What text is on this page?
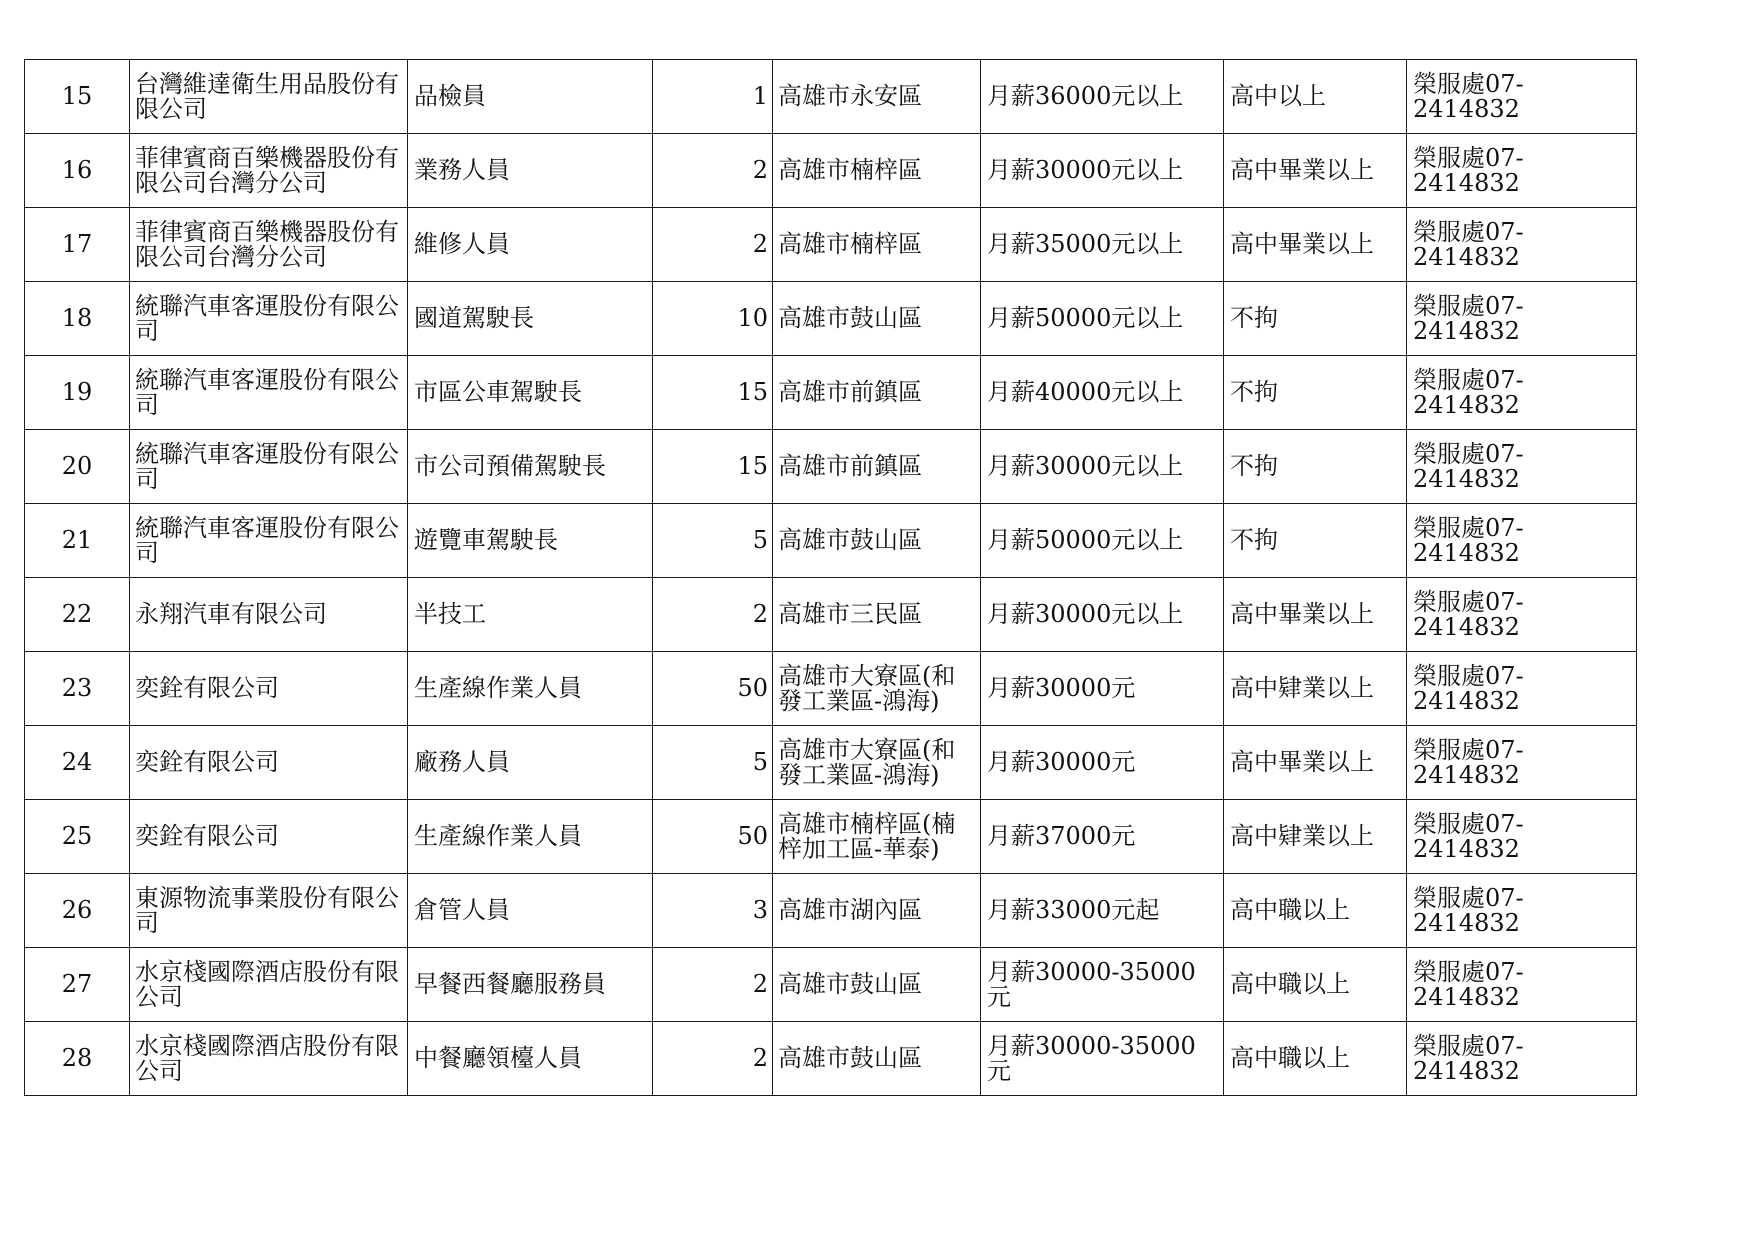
15	台灣維達衛生用品股份有限公司	品檢員	1	高雄市永安區	月薪36000元以上	高中以上	榮服處07-2414832
16	菲律賓商百樂機器股份有限公司台灣分公司	業務人員	2	高雄市楠梓區	月薪30000元以上	高中畢業以上	榮服處07-2414832
17	菲律賓商百樂機器股份有限公司台灣分公司	維修人員	2	高雄市楠梓區	月薪35000元以上	高中畢業以上	榮服處07-2414832
18	統聯汽車客運股份有限公司	國道駕駛長	10	高雄市鼓山區	月薪50000元以上	不拘	榮服處07-2414832
19	統聯汽車客運股份有限公司	市區公車駕駛長	15	高雄市前鎮區	月薪40000元以上	不拘	榮服處07-2414832
20	統聯汽車客運股份有限公司	市公司預備駕駛長	15	高雄市前鎮區	月薪30000元以上	不拘	榮服處07-2414832
21	統聯汽車客運股份有限公司	遊覽車駕駛長	5	高雄市鼓山區	月薪50000元以上	不拘	榮服處07-2414832
22	永翔汽車有限公司	半技工	2	高雄市三民區	月薪30000元以上	高中畢業以上	榮服處07-2414832
23	奕銓有限公司	生產線作業人員	50	高雄市大寮區(和發工業區-鴻海)	月薪30000元	高中肄業以上	榮服處07-2414832
24	奕銓有限公司	廠務人員	5	高雄市大寮區(和發工業區-鴻海)	月薪30000元	高中畢業以上	榮服處07-2414832
25	奕銓有限公司	生產線作業人員	50	高雄市楠梓區(楠梓加工區-華泰)	月薪37000元	高中肄業以上	榮服處07-2414832
26	東源物流事業股份有限公司	倉管人員	3	高雄市湖內區	月薪33000元起	高中職以上	榮服處07-2414832
27	水京棧國際酒店股份有限公司	早餐西餐廳服務員	2	高雄市鼓山區	月薪30000-35000元	高中職以上	榮服處07-2414832
28	水京棧國際酒店股份有限公司	中餐廳領檯人員	2	高雄市鼓山區	月薪30000-35000元	高中職以上	榮服處07-2414832
